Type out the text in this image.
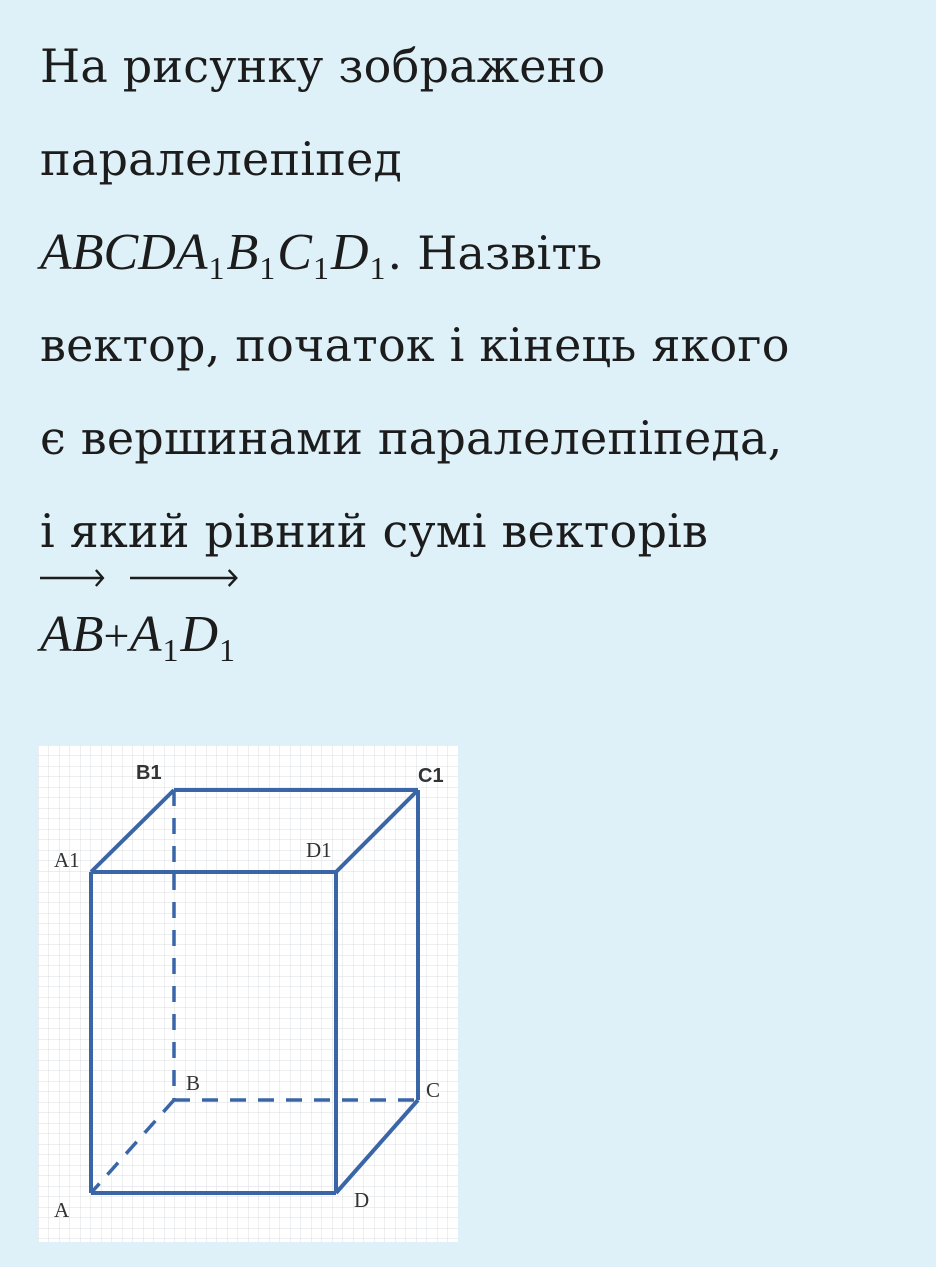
На рисунку зображено
паралелепіпед
$ABCDA_1B_1C_1D_1$. Назвіть
вектор, початок і кінець якого
є вершинами паралелепіпеда,
і який рівний сумі векторів
AB+
$A_1D_1$
B1	C1
A1	D1
B	C
A	D
